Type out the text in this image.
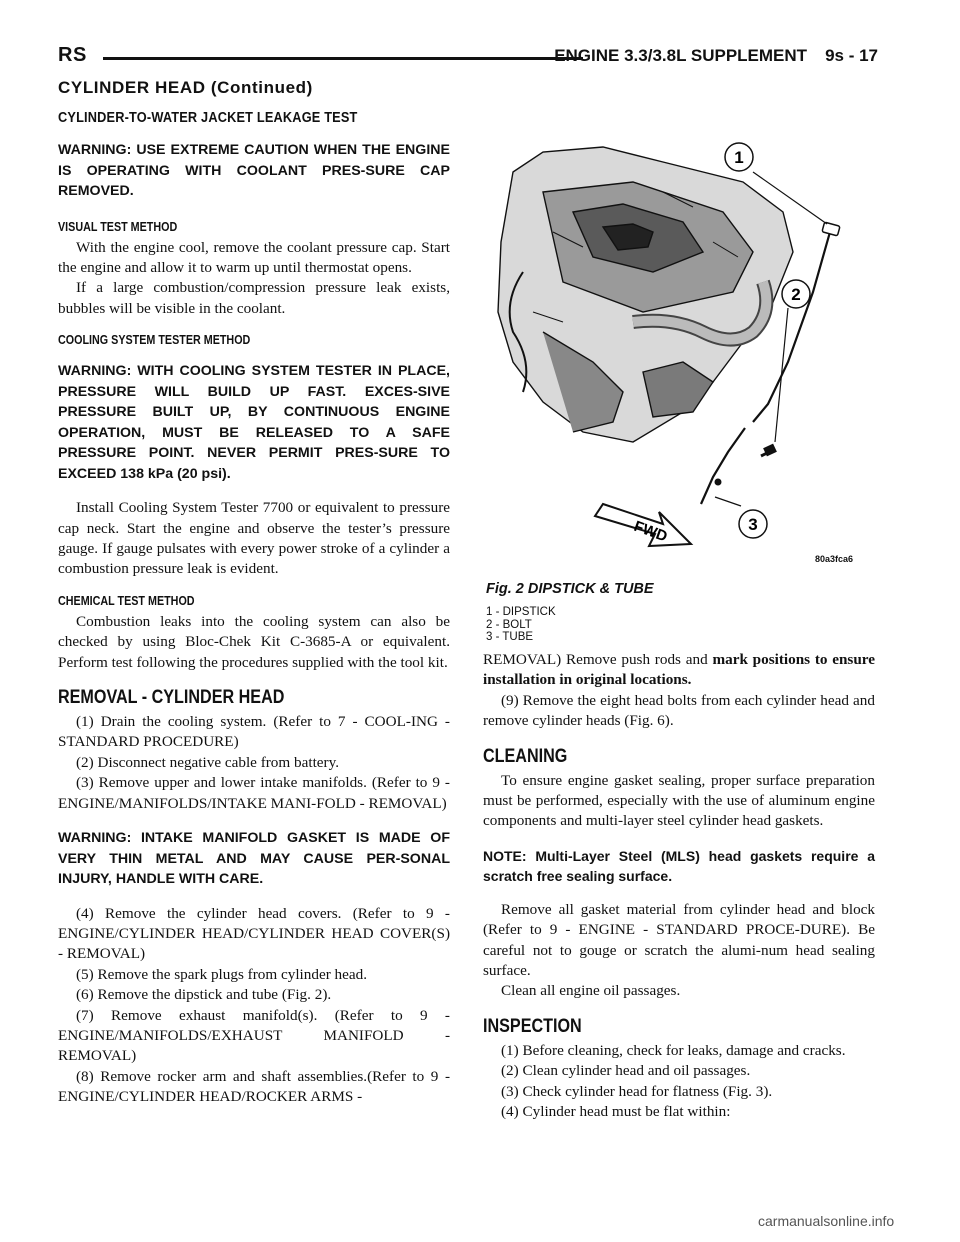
RS	ENGINE 3.3/3.8L SUPPLEMENT 9s - 17
CYLINDER HEAD (Continued)
CYLINDER-TO-WATER JACKET LEAKAGE TEST

WARNING: USE EXTREME CAUTION WHEN THE ENGINE IS OPERATING WITH COOLANT PRES-SURE CAP REMOVED.

VISUAL TEST METHOD

With the engine cool, remove the coolant pressure cap. Start the engine and allow it to warm up until thermostat opens.

If a large combustion/compression pressure leak exists, bubbles will be visible in the coolant.

COOLING SYSTEM TESTER METHOD

WARNING: WITH COOLING SYSTEM TESTER IN PLACE, PRESSURE WILL BUILD UP FAST. EXCES-SIVE PRESSURE BUILT UP, BY CONTINUOUS ENGINE OPERATION, MUST BE RELEASED TO A SAFE PRESSURE POINT. NEVER PERMIT PRES-SURE TO EXCEED 138 kPa (20 psi).

Install Cooling System Tester 7700 or equivalent to pressure cap neck. Start the engine and observe the tester’s pressure gauge. If gauge pulsates with every power stroke of a cylinder a combustion pressure leak is evident.

CHEMICAL TEST METHOD

Combustion leaks into the cooling system can also be checked by using Bloc-Chek Kit C-3685-A or equivalent. Perform test following the procedures supplied with the tool kit.

REMOVAL - CYLINDER HEAD

(1) Drain the cooling system. (Refer to 7 - COOL-ING - STANDARD PROCEDURE)

(2) Disconnect negative cable from battery.

(3) Remove upper and lower intake manifolds. (Refer to 9 - ENGINE/MANIFOLDS/INTAKE MANI-FOLD - REMOVAL)

WARNING: INTAKE MANIFOLD GASKET IS MADE OF VERY THIN METAL AND MAY CAUSE PER-SONAL INJURY, HANDLE WITH CARE.

(4) Remove the cylinder head covers. (Refer to 9 - ENGINE/CYLINDER HEAD/CYLINDER HEAD COVER(S) - REMOVAL)

(5) Remove the spark plugs from cylinder head.

(6) Remove the dipstick and tube (Fig. 2).

(7) Remove exhaust manifold(s). (Refer to 9 - ENGINE/MANIFOLDS/EXHAUST MANIFOLD - REMOVAL)

(8) Remove rocker arm and shaft assemblies.(Refer to 9 - ENGINE/CYLINDER HEAD/ROCKER ARMS -

1
2
3
FWD
80a3fca6
Fig. 2 DIPSTICK & TUBE
1 - DIPSTICK
2 - BOLT
3 - TUBE

REMOVAL) Remove push rods and mark positions to ensure installation in original locations.

(9) Remove the eight head bolts from each cylinder head and remove cylinder heads (Fig. 6).

CLEANING

To ensure engine gasket sealing, proper surface preparation must be performed, especially with the use of aluminum engine components and multi-layer steel cylinder head gaskets.

NOTE: Multi-Layer Steel (MLS) head gaskets require a scratch free sealing surface.

Remove all gasket material from cylinder head and block (Refer to 9 - ENGINE - STANDARD PROCE-DURE). Be careful not to gouge or scratch the alumi-num head sealing surface.

Clean all engine oil passages.

INSPECTION

(1) Before cleaning, check for leaks, damage and cracks.

(2) Clean cylinder head and oil passages.

(3) Check cylinder head for flatness (Fig. 3).

(4) Cylinder head must be flat within:

carmanualsonline.info
